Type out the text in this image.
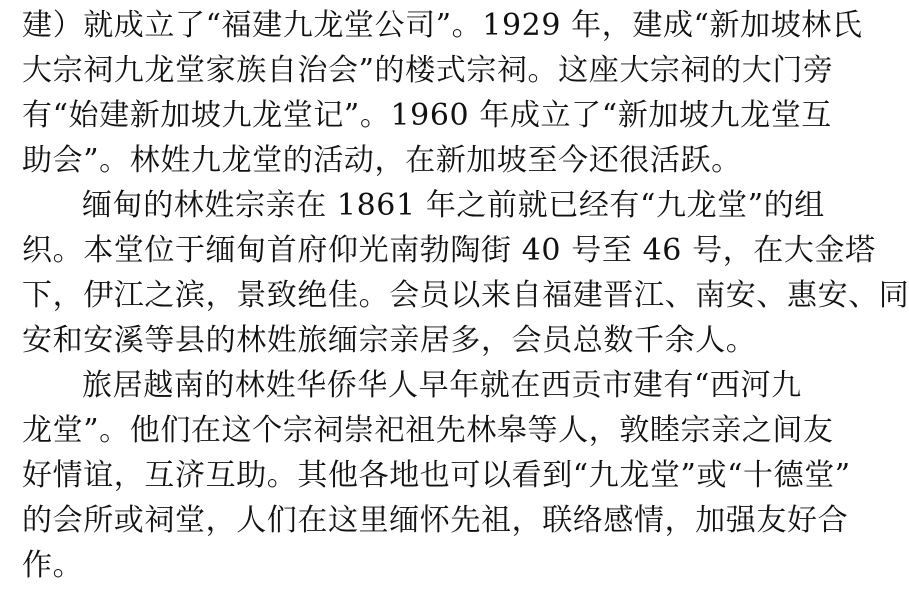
建）就成立了“福建九龙堂公司”。1929 年，建成“新加坡林氏
大宗祠九龙堂家族自治会”的楼式宗祠。这座大宗祠的大门旁
有“始建新加坡九龙堂记”。1960 年成立了“新加坡九龙堂互
助会”。林姓九龙堂的活动，在新加坡至今还很活跃。
缅甸的林姓宗亲在 1861 年之前就已经有“九龙堂”的组
织。本堂位于缅甸首府仰光南勃陶街 40 号至 46 号，在大金塔
下，伊江之滨，景致绝佳。会员以来自福建晋江、南安、惠安、同
安和安溪等县的林姓旅缅宗亲居多，会员总数千余人。
旅居越南的林姓华侨华人早年就在西贡市建有“西河九
龙堂”。他们在这个宗祠崇祀祖先林皋等人，敦睦宗亲之间友
好情谊，互济互助。其他各地也可以看到“九龙堂”或“十德堂”
的会所或祠堂，人们在这里缅怀先祖，联络感情，加强友好合
作。
